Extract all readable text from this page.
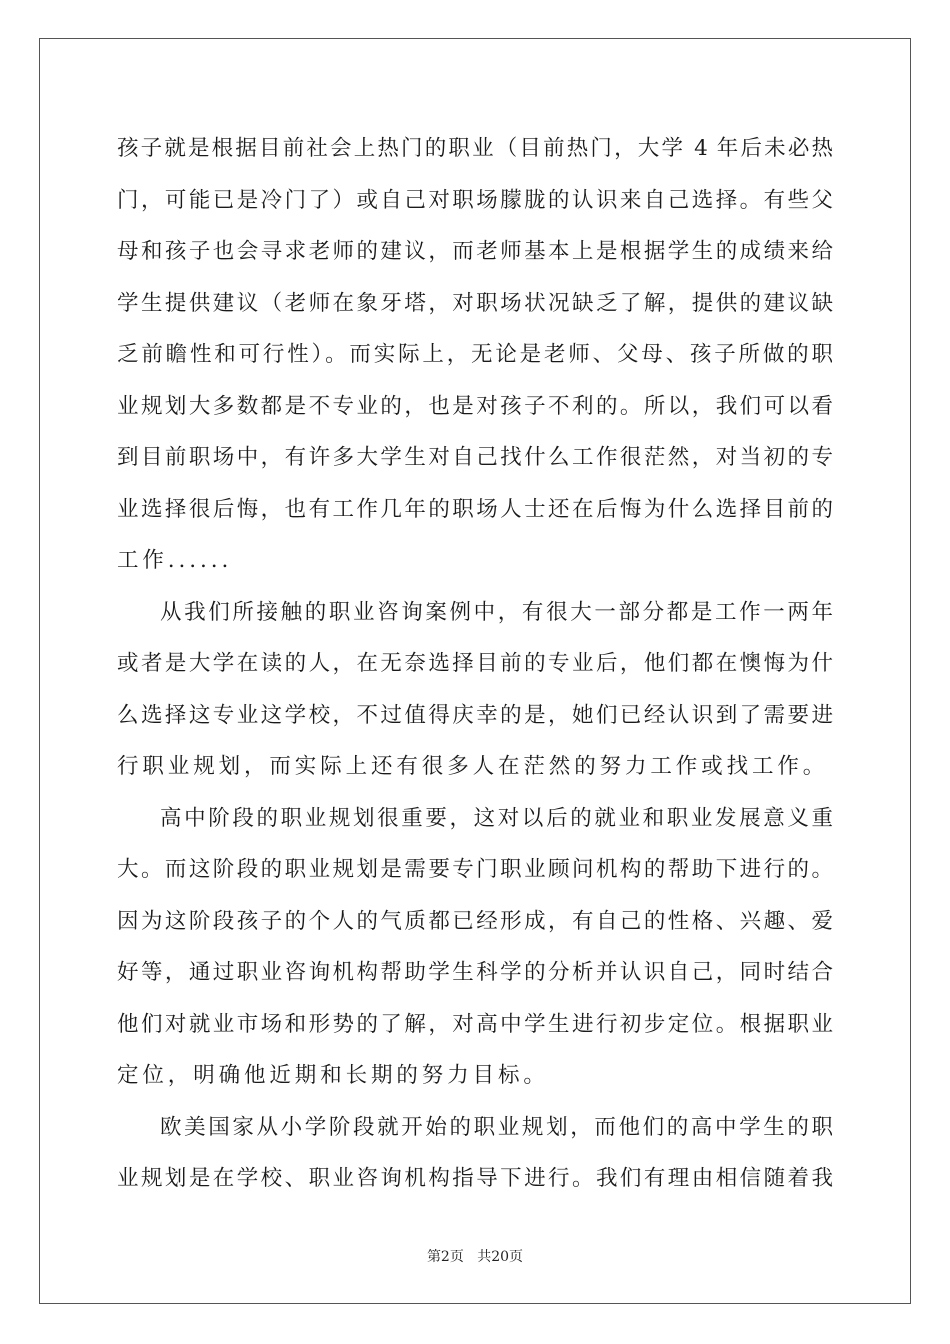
孩子就是根据目前社会上热门的职业（目前热门，大学 4 年后未必热
门，可能已是冷门了）或自己对职场朦胧的认识来自己选择。有些父
母和孩子也会寻求老师的建议，而老师基本上是根据学生的成绩来给
学生提供建议（老师在象牙塔，对职场状况缺乏了解，提供的建议缺
乏前瞻性和可行性）。而实际上，无论是老师、父母、孩子所做的职
业规划大多数都是不专业的，也是对孩子不利的。所以，我们可以看
到目前职场中，有许多大学生对自己找什么工作很茫然，对当初的专
业选择很后悔，也有工作几年的职场人士还在后悔为什么选择目前的
工作......
从我们所接触的职业咨询案例中，有很大一部分都是工作一两年
或者是大学在读的人，在无奈选择目前的专业后，他们都在懊悔为什
么选择这专业这学校，不过值得庆幸的是，她们已经认识到了需要进
行职业规划，而实际上还有很多人在茫然的努力工作或找工作。
高中阶段的职业规划很重要，这对以后的就业和职业发展意义重
大。而这阶段的职业规划是需要专门职业顾问机构的帮助下进行的。
因为这阶段孩子的个人的气质都已经形成，有自己的性格、兴趣、爱
好等，通过职业咨询机构帮助学生科学的分析并认识自己，同时结合
他们对就业市场和形势的了解，对高中学生进行初步定位。根据职业
定位，明确他近期和长期的努力目标。
欧美国家从小学阶段就开始的职业规划，而他们的高中学生的职
业规划是在学校、职业咨询机构指导下进行。我们有理由相信随着我
第2页 共20页
